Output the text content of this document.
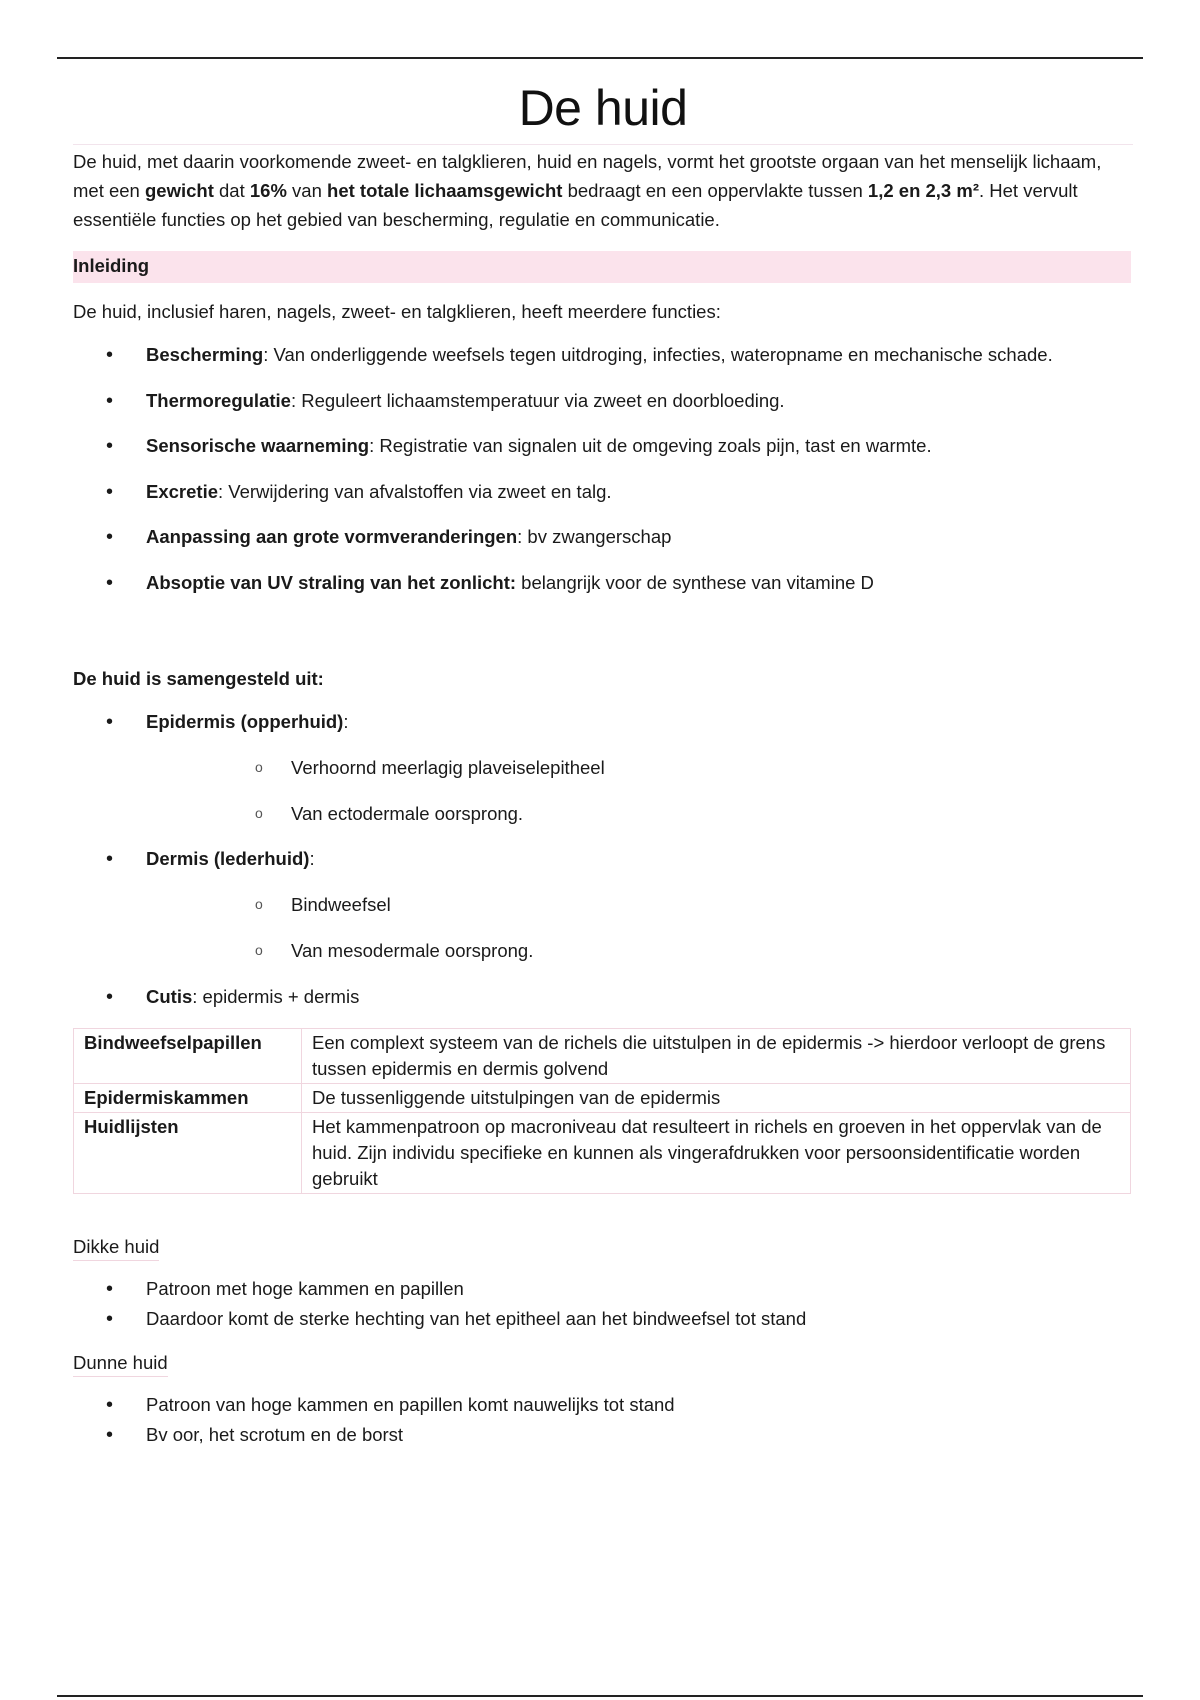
De huid

De huid, met daarin voorkomende zweet- en talgklieren, huid en nagels, vormt het grootste orgaan van het menselijk lichaam, met een gewicht dat 16% van het totale lichaamsgewicht bedraagt en een oppervlakte tussen 1,2 en 2,3 m². Het vervult essentiële functies op het gebied van bescherming, regulatie en communicatie.

Inleiding

De huid, inclusief haren, nagels, zweet- en talgklieren, heeft meerdere functies:

• Bescherming: Van onderliggende weefsels tegen uitdroging, infecties, wateropname en mechanische schade.
• Thermoregulatie: Reguleert lichaamstemperatuur via zweet en doorbloeding.
• Sensorische waarneming: Registratie van signalen uit de omgeving zoals pijn, tast en warmte.
• Excretie: Verwijdering van afvalstoffen via zweet en talg.
• Aanpassing aan grote vormveranderingen: bv zwangerschap
• Absoptie van UV straling van het zonlicht: belangrijk voor de synthese van vitamine D

De huid is samengesteld uit:

• Epidermis (opperhuid):
o Verhoornd meerlagig plaveiselepitheel
o Van ectodermale oorsprong.
• Dermis (lederhuid):
o Bindweefsel
o Van mesodermale oorsprong.
• Cutis: epidermis + dermis
Bindweefselpapillen	Een complext systeem van de richels die uitstulpen in de epidermis -> hierdoor verloopt de grens tussen epidermis en dermis golvend
Epidermiskammen	De tussenliggende uitstulpingen van de epidermis
Huidlijsten	Het kammenpatroon op macroniveau dat resulteert in richels en groeven in het oppervlak van de huid. Zijn individu specifieke en kunnen als vingerafdrukken voor persoonsidentificatie worden gebruikt
Dikke huid
• Patroon met hoge kammen en papillen
• Daardoor komt de sterke hechting van het epitheel aan het bindweefsel tot stand
Dunne huid
• Patroon van hoge kammen en papillen komt nauwelijks tot stand
• Bv oor, het scrotum en de borst
